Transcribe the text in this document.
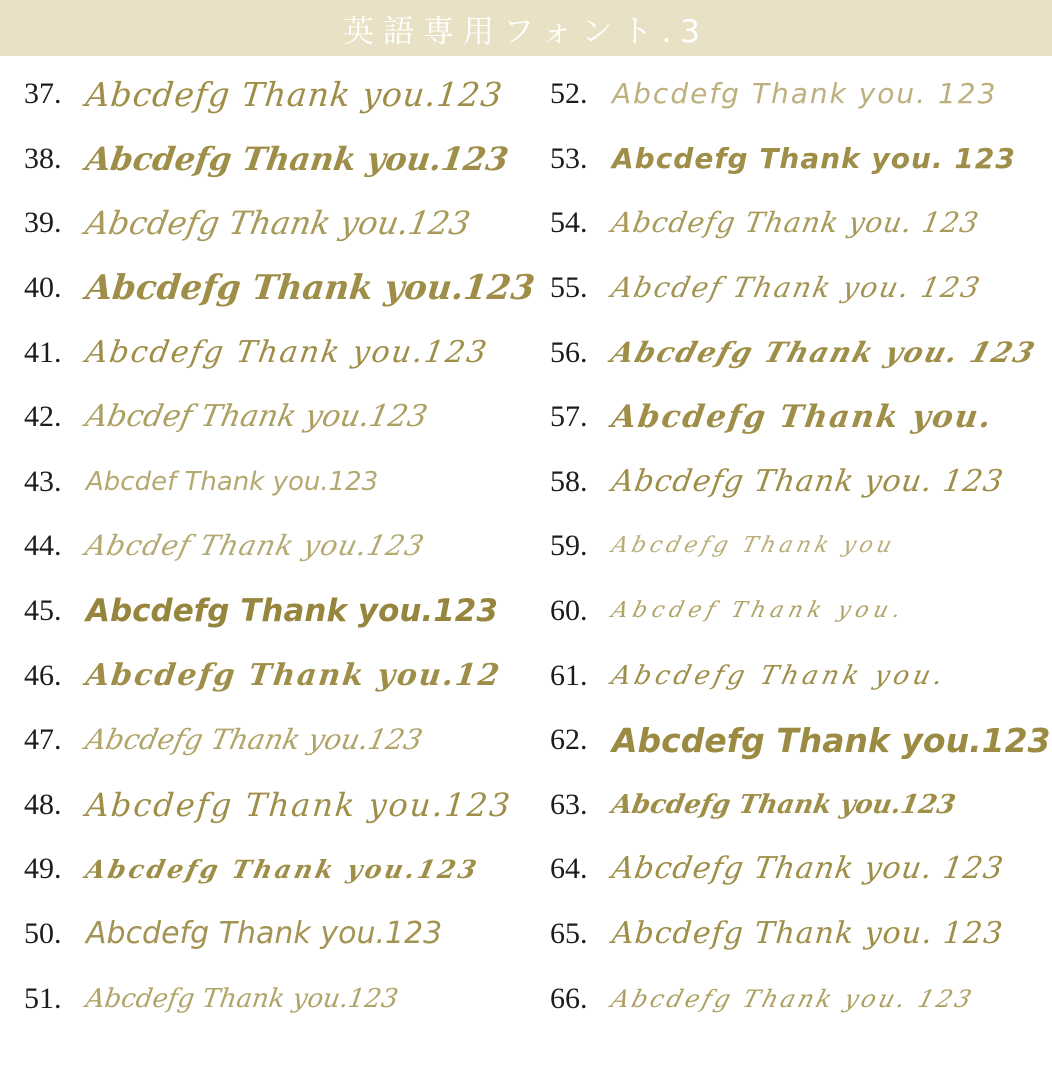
英語専用フォント.3
37. Abcdefg Thank you.123
38. Abcdefg Thank you.123
39. Abcdefg Thank you.123
40. Abcdefg Thank you.123
41. Abcdefg Thank you.123
42. Abcdef Thank you.123
43. Abcdef Thank you.123
44. Abcdef Thank you.123
45. Abcdefg Thank you.123
46. Abcdefg Thank you.12
47. Abcdefg Thank you.123
48. Abcdefg Thank you.123
49. Abcdefg Thank you.123
50. Abcdefg Thank you.123
51. Abcdefg Thank you.123
52. Abcdefg Thank you. 123
53. Abcdefg Thank you. 123
54. Abcdefg Thank you. 123
55. Abcdef Thank you. 123
56. Abcdefg Thank you. 123
57. Abcdefg Thank you.
58. Abcdefg Thank you. 123
59. Abcdefg Thank you
60. Abcdef Thank you.
61. Abcdefg Thank you.
62. Abcdefg Thank you.123
63. Abcdefg Thank you.123
64. Abcdefg Thank you. 123
65. Abcdefg Thank you. 123
66. Abcdefg Thank you. 123
